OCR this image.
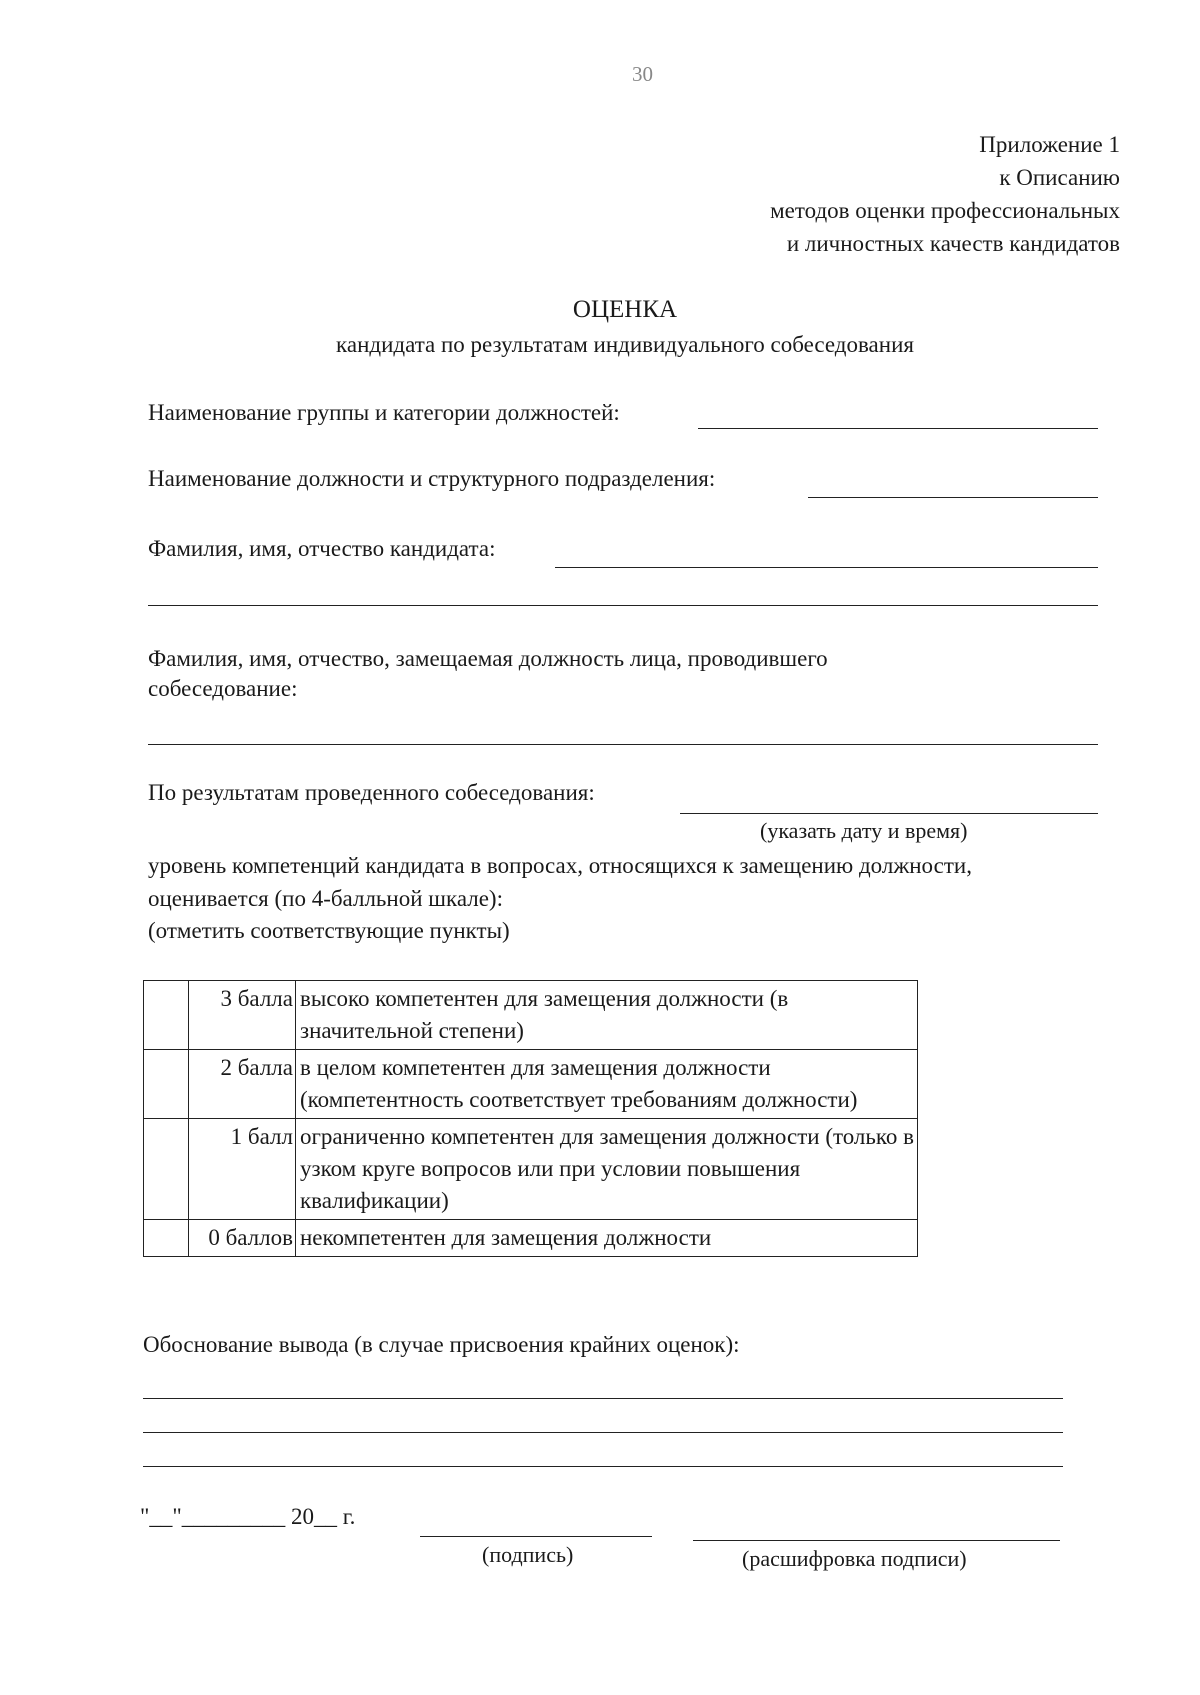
30
Приложение 1
к Описанию
методов оценки профессиональных
и личностных качеств кандидатов
ОЦЕНКА
кандидата по результатам индивидуального собеседования
Наименование группы и категории должностей:
Наименование должности и структурного подразделения:
Фамилия, имя, отчество кандидата:
Фамилия, имя, отчество, замещаемая должность лица, проводившего
собеседование:
По результатам проведенного собеседования:
(указать дату и время)
уровень компетенций кандидата в вопросах, относящихся к замещению должности,
оценивается (по 4-балльной шкале):
(отметить соответствующие пункты)
	3 балла	высоко компетентен для замещения должности (в значительной степени)
	2 балла	в целом компетентен для замещения должности (компетентность соответствует требованиям должности)
	1 балл	ограниченно компетентен для замещения должности (только в узком круге вопросов или при условии повышения квалификации)
	0 баллов	некомпетентен для замещения должности
Обоснование вывода (в случае присвоения крайних оценок):
"__"_________ 20__ г.
(подпись)	(расшифровка подписи)
